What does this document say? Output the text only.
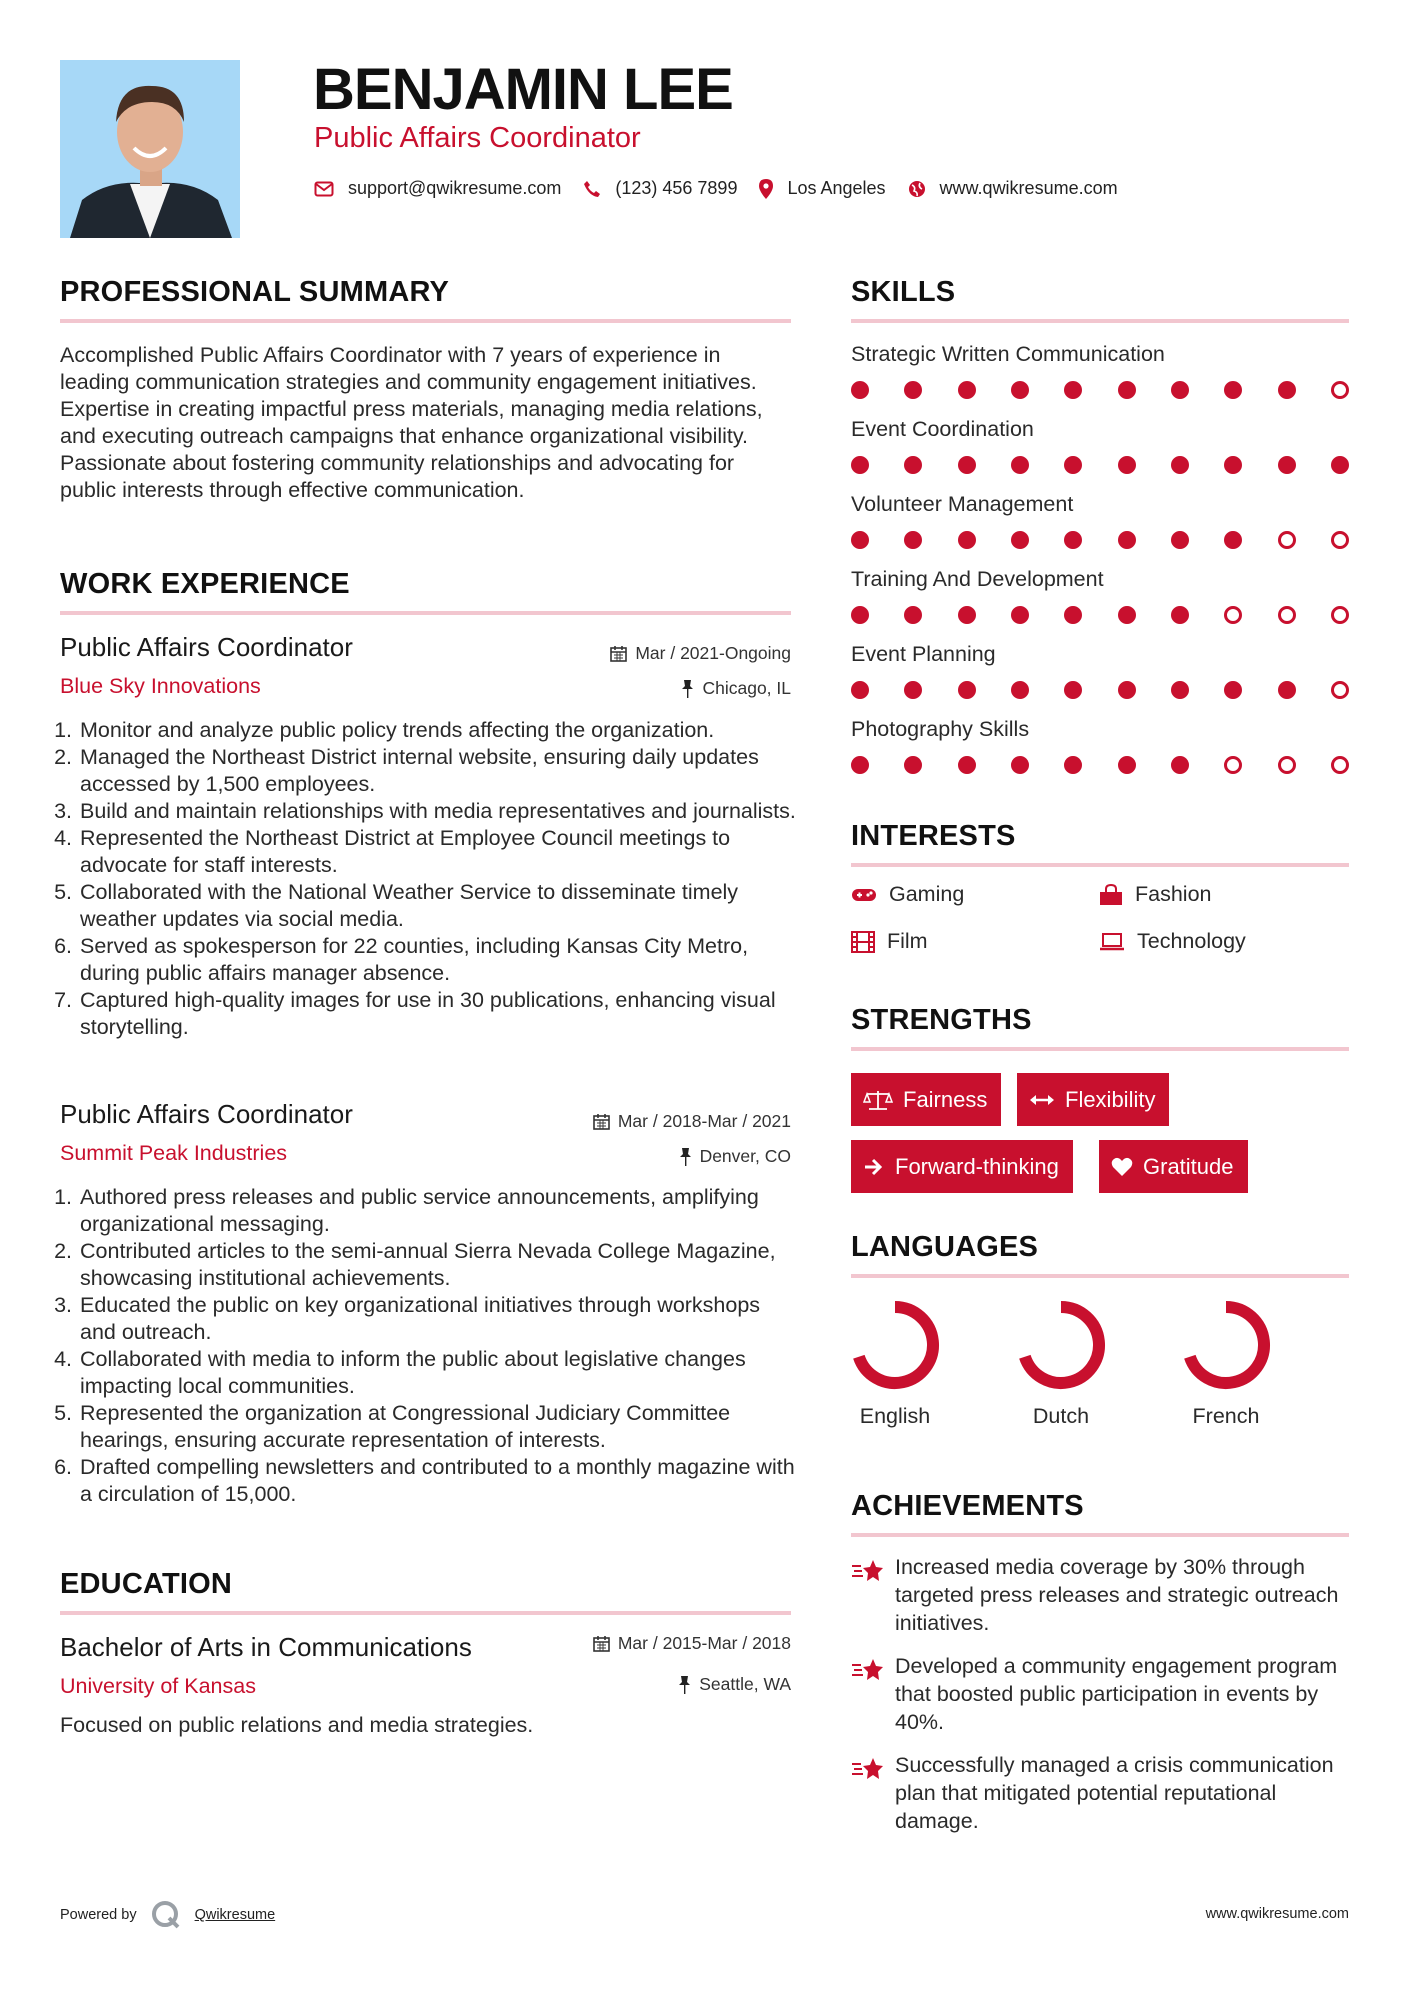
BENJAMIN LEE
Public Affairs Coordinator
support@qwikresume.com	(123) 456 7899	Los Angeles	www.qwikresume.com
PROFESSIONAL SUMMARY
Accomplished Public Affairs Coordinator with 7 years of experience in leading communication strategies and community engagement initiatives. Expertise in creating impactful press materials, managing media relations, and executing outreach campaigns that enhance organizational visibility. Passionate about fostering community relationships and advocating for public interests through effective communication.
WORK EXPERIENCE
Public Affairs Coordinator
Blue Sky Innovations
Mar / 2021-Ongoing
Chicago, IL
1. Monitor and analyze public policy trends affecting the organization.
2. Managed the Northeast District internal website, ensuring daily updates accessed by 1,500 employees.
3. Build and maintain relationships with media representatives and journalists.
4. Represented the Northeast District at Employee Council meetings to advocate for staff interests.
5. Collaborated with the National Weather Service to disseminate timely weather updates via social media.
6. Served as spokesperson for 22 counties, including Kansas City Metro, during public affairs manager absence.
7. Captured high-quality images for use in 30 publications, enhancing visual storytelling.
Public Affairs Coordinator
Summit Peak Industries
Mar / 2018-Mar / 2021
Denver, CO
1. Authored press releases and public service announcements, amplifying organizational messaging.
2. Contributed articles to the semi-annual Sierra Nevada College Magazine, showcasing institutional achievements.
3. Educated the public on key organizational initiatives through workshops and outreach.
4. Collaborated with media to inform the public about legislative changes impacting local communities.
5. Represented the organization at Congressional Judiciary Committee hearings, ensuring accurate representation of interests.
6. Drafted compelling newsletters and contributed to a monthly magazine with a circulation of 15,000.
EDUCATION
Bachelor of Arts in Communications
University of Kansas
Mar / 2015-Mar / 2018
Seattle, WA
Focused on public relations and media strategies.
SKILLS
Strategic Written Communication
Event Coordination
Volunteer Management
Training And Development
Event Planning
Photography Skills
INTERESTS
Gaming	Fashion
Film	Technology
STRENGTHS
Fairness	Flexibility
Forward-thinking	Gratitude
LANGUAGES
English	Dutch	French
ACHIEVEMENTS
Increased media coverage by 30% through targeted press releases and strategic outreach initiatives.
Developed a community engagement program that boosted public participation in events by 40%.
Successfully managed a crisis communication plan that mitigated potential reputational damage.
Powered by	Qwikresume	www.qwikresume.com
